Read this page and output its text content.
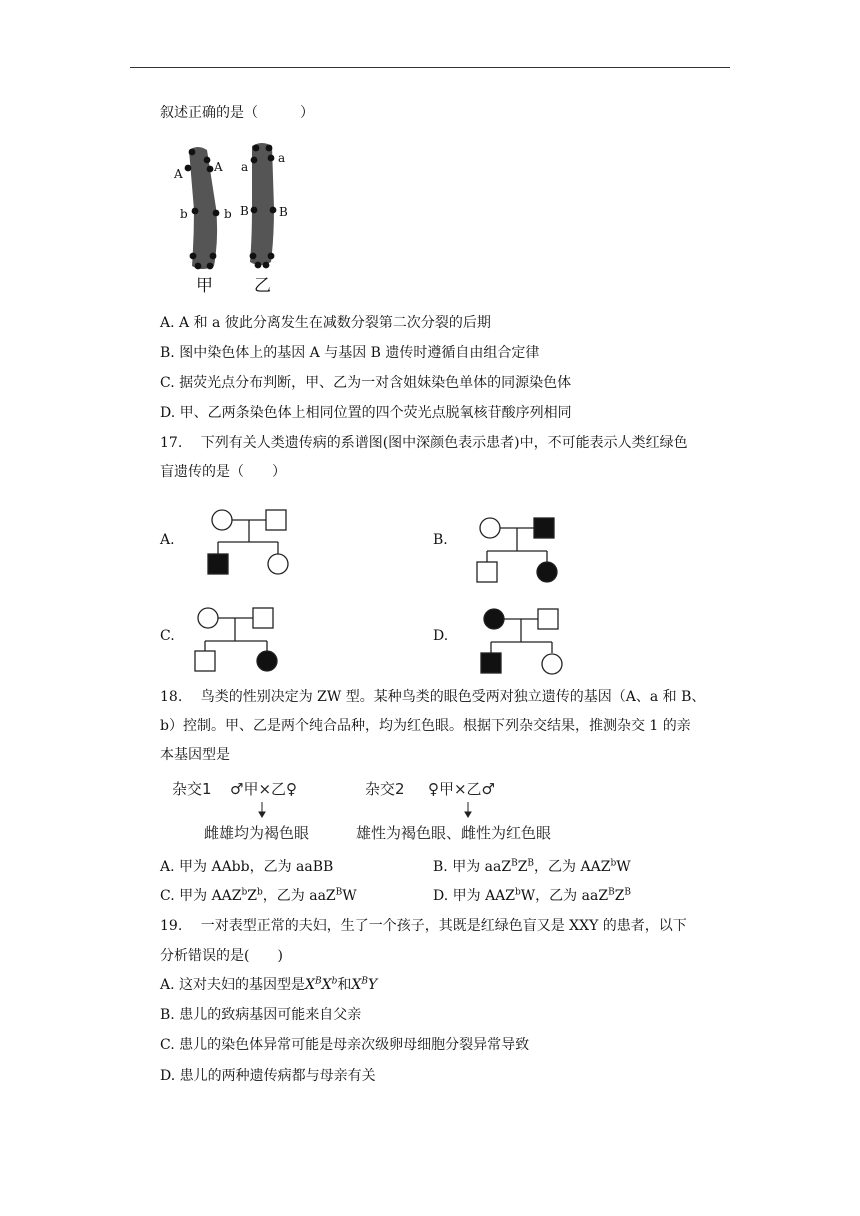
叙述正确的是（　　　）
A	A a
a
b	b B	B
甲 乙
A. A 和 a 彼此分离发生在减数分裂第二次分裂的后期
B. 图中染色体上的基因 A 与基因 B 遗传时遵循自由组合定律
C. 据荧光点分布判断，甲、乙为一对含姐妹染色单体的同源染色体
D. 甲、乙两条染色体上相同位置的四个荧光点脱氧核苷酸序列相同
17.　 下列有关人类遗传病的系谱图(图中深颜色表示患者)中，不可能表示人类红绿色
盲遗传的是（　　）
A.	B.
C.	D.
18.　 鸟类的性别决定为 ZW 型。某种鸟类的眼色受两对独立遗传的基因（A、a 和 B、
b）控制。甲、乙是两个纯合品种，均为红色眼。根据下列杂交结果，推测杂交 1 的亲
本基因型是
杂交1 ♂甲×乙♀	杂交2 ♀甲×乙♂
雌雄均为褐色眼	雄性为褐色眼、雌性为红色眼
A. 甲为 AAbb，乙为 aaBB	B. 甲为 $aaZ^BZ^B$，乙为 AAZ$^b$W
C. 甲为 $AAZ^bZ^b$，乙为 aaZ$^B$W	D. 甲为 AAZ$^b$W，乙为 $aaZ^BZ^B$
19.　 一对表型正常的夫妇，生了一个孩子，其既是红绿色盲又是 XXY 的患者，以下
分析错误的是(　　)
A. 这对夫妇的基因型是$X^BX^b$和$X^BY$
B. 患儿的致病基因可能来自父亲
C. 患儿的染色体异常可能是母亲次级卵母细胞分裂异常导致
D. 患儿的两种遗传病都与母亲有关
